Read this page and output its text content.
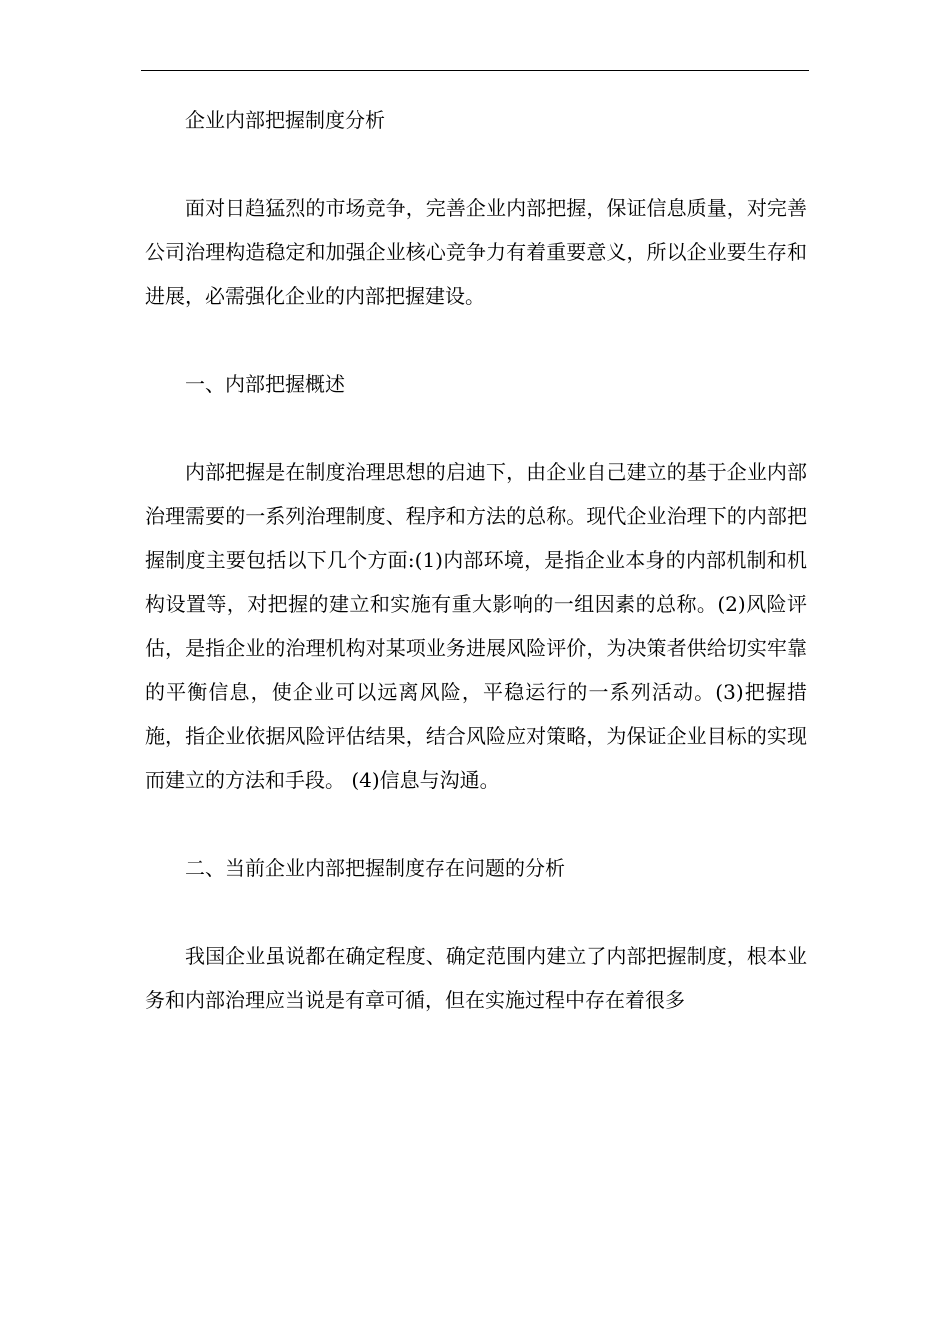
企业内部把握制度分析

面对日趋猛烈的市场竞争，完善企业内部把握，保证信息质量，对完善公司治理构造稳定和加强企业核心竞争力有着重要意义，所以企业要生存和进展，必需强化企业的内部把握建设。

一、内部把握概述

内部把握是在制度治理思想的启迪下，由企业自己建立的基于企业内部治理需要的一系列治理制度、程序和方法的总称。现代企业治理下的内部把握制度主要包括以下几个方面:(1)内部环境，是指企业本身的内部机制和机构设置等，对把握的建立和实施有重大影响的一组因素的总称。(2)风险评估，是指企业的治理机构对某项业务进展风险评价，为决策者供给切实牢靠的平衡信息，使企业可以远离风险，平稳运行的一系列活动。(3)把握措施，指企业依据风险评估结果，结合风险应对策略，为保证企业目标的实现而建立的方法和手段。 (4)信息与沟通。

二、当前企业内部把握制度存在问题的分析

我国企业虽说都在确定程度、确定范围内建立了内部把握制度，根本业务和内部治理应当说是有章可循，但在实施过程中存在着很多
